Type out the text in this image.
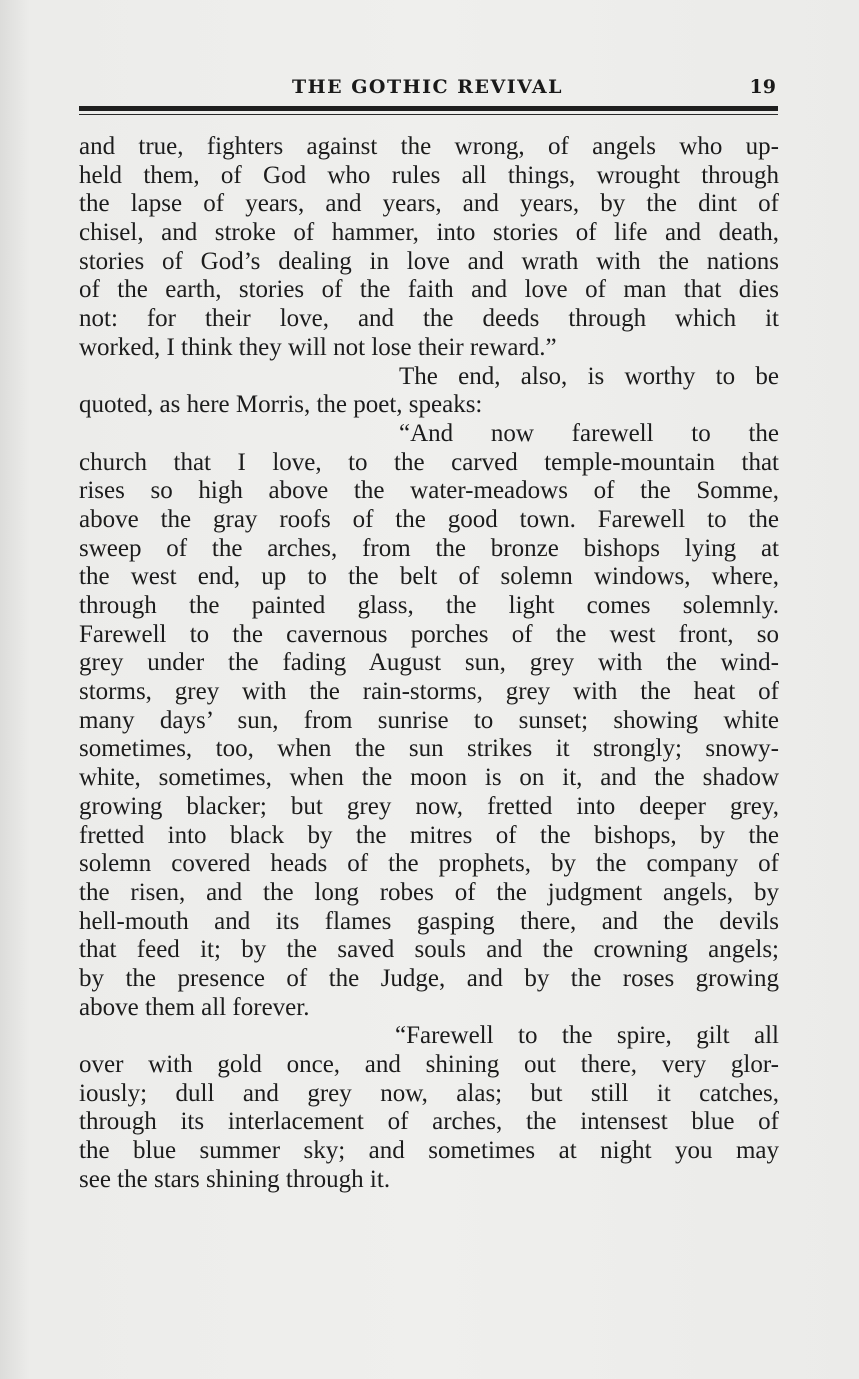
THE GOTHIC REVIVAL	19
and true, fighters against the wrong, of angels who up-
held them, of God who rules all things, wrought through
the lapse of years, and years, and years, by the dint of
chisel, and stroke of hammer, into stories of life and death,
stories of God’s dealing in love and wrath with the nations
of the earth, stories of the faith and love of man that dies
not: for their love, and the deeds through which it
worked, I think they will not lose their reward.”
The end, also, is worthy to be
quoted, as here Morris, the poet, speaks:
“And now farewell to the
church that I love, to the carved temple-mountain that
rises so high above the water-meadows of the Somme,
above the gray roofs of the good town. Farewell to the
sweep of the arches, from the bronze bishops lying at
the west end, up to the belt of solemn windows, where,
through the painted glass, the light comes solemnly.
Farewell to the cavernous porches of the west front, so
grey under the fading August sun, grey with the wind-
storms, grey with the rain-storms, grey with the heat of
many days’ sun, from sunrise to sunset; showing white
sometimes, too, when the sun strikes it strongly; snowy-
white, sometimes, when the moon is on it, and the shadow
growing blacker; but grey now, fretted into deeper grey,
fretted into black by the mitres of the bishops, by the
solemn covered heads of the prophets, by the company of
the risen, and the long robes of the judgment angels, by
hell-mouth and its flames gasping there, and the devils
that feed it; by the saved souls and the crowning angels;
by the presence of the Judge, and by the roses growing
above them all forever.
“Farewell to the spire, gilt all
over with gold once, and shining out there, very glor-
iously; dull and grey now, alas; but still it catches,
through its interlacement of arches, the intensest blue of
the blue summer sky; and sometimes at night you may
see the stars shining through it.
